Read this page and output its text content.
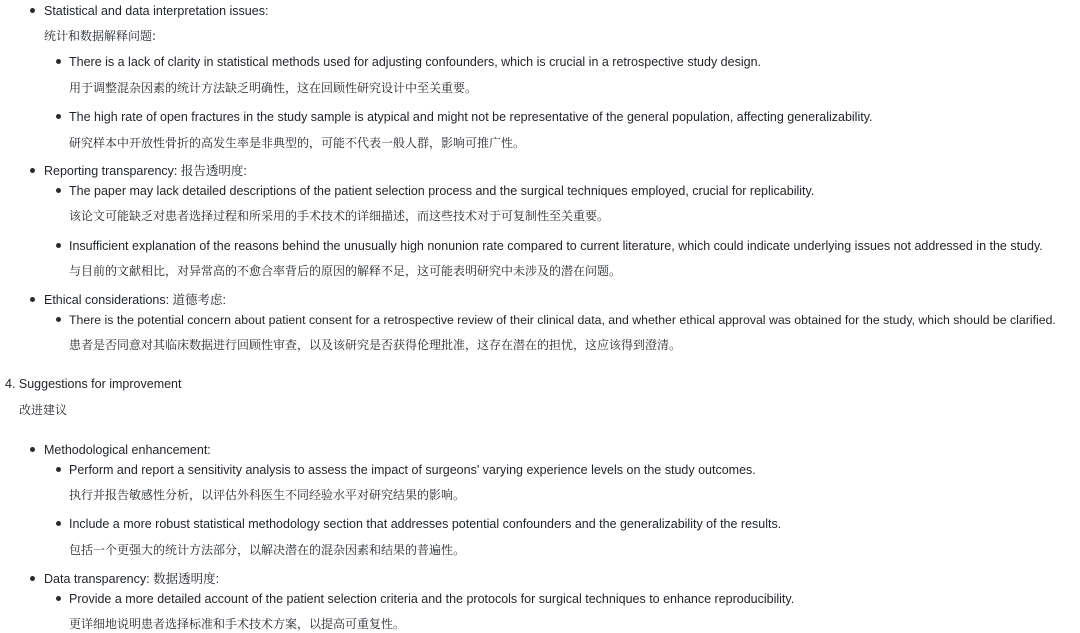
Statistical and data interpretation issues:
统计和数据解释问题:
There is a lack of clarity in statistical methods used for adjusting confounders, which is crucial in a retrospective study design.
用于调整混杂因素的统计方法缺乏明确性，这在回顾性研究设计中至关重要。
The high rate of open fractures in the study sample is atypical and might not be representative of the general population, affecting generalizability.
研究样本中开放性骨折的高发生率是非典型的，可能不代表一般人群，影响可推广性。
Reporting transparency: 报告透明度:
The paper may lack detailed descriptions of the patient selection process and the surgical techniques employed, crucial for replicability.
该论文可能缺乏对患者选择过程和所采用的手术技术的详细描述，而这些技术对于可复制性至关重要。
Insufficient explanation of the reasons behind the unusually high nonunion rate compared to current literature, which could indicate underlying issues not addressed in the study.
与目前的文献相比，对异常高的不愈合率背后的原因的解释不足，这可能表明研究中未涉及的潜在问题。
Ethical considerations: 道德考虑:
There is the potential concern about patient consent for a retrospective review of their clinical data, and whether ethical approval was obtained for the study, which should be clarified.
患者是否同意对其临床数据进行回顾性审查，以及该研究是否获得伦理批准，这存在潜在的担忧，这应该得到澄清。
4. Suggestions for improvement
改进建议
Methodological enhancement:
Perform and report a sensitivity analysis to assess the impact of surgeons' varying experience levels on the study outcomes.
执行并报告敏感性分析，以评估外科医生不同经验水平对研究结果的影响。
Include a more robust statistical methodology section that addresses potential confounders and the generalizability of the results.
包括一个更强大的统计方法部分，以解决潜在的混杂因素和结果的普遍性。
Data transparency: 数据透明度:
Provide a more detailed account of the patient selection criteria and the protocols for surgical techniques to enhance reproducibility.
更详细地说明患者选择标准和手术技术方案，以提高可重复性。
